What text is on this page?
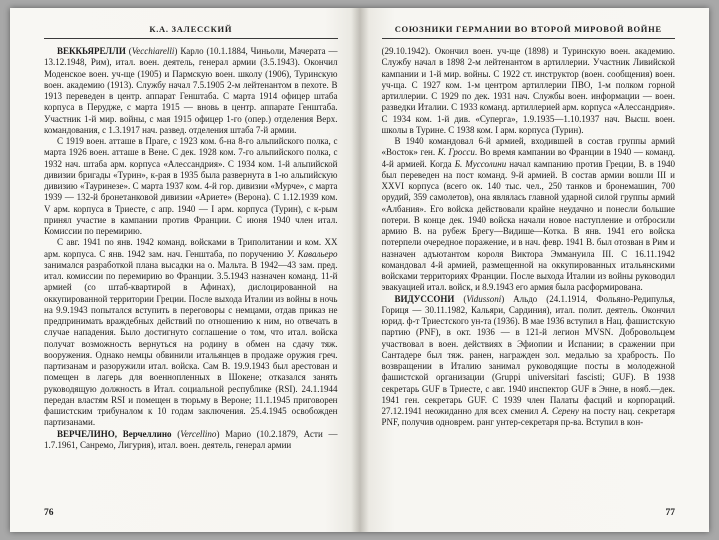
К.А. ЗАЛЕССКИЙ

ВЕККЬЯРЕЛЛИ (Vecchiarelli) Карло (10.1.1884, Чиньоли, Мачерата — 13.12.1948, Рим), итал. воен. деятель, генерал армии (3.5.1943). Окончил Моденское воен. уч-ще (1905) и Пармскую воен. школу (1906), Туринскую воен. академию (1913). Службу начал 7.5.1905 2-м лейтенантом в пехоте. В 1913 переведен в центр. аппарат Генштаба. С марта 1914 офицер штаба корпуса в Перудже, с марта 1915 — вновь в центр. аппарате Генштаба. Участник 1-й мир. войны, с мая 1915 офицер 1-го (опер.) отделения Верх. командования, с 1.3.1917 нач. развед. отделения штаба 7-й армии.

С 1919 воен. атташе в Праге, с 1923 ком. б-на 8-го альпийского полка, с марта 1926 воен. атташе в Вене. С дек. 1928 ком. 7-го альпийского полка, с 1932 нач. штаба арм. корпуса «Алессандрия». С 1934 ком. 1-й альпийской дивизии бригады «Турин», к-рая в 1935 была развернута в 1-ю альпийскую дивизию «Тауринезе». С марта 1937 ком. 4-й гор. дивизии «Мурче», с марта 1939 — 132-й бронетанковой дивизии «Ариете» (Верона). С 1.12.1939 ком. V арм. корпуса в Триесте, с апр. 1940 — I арм. корпуса (Турин), с к-рым принял участие в кампании против Франции. С июня 1940 член итал. Комиссии по перемирию.

С авг. 1941 по янв. 1942 команд. войсками в Триполитании и ком. XX арм. корпуса. С янв. 1942 зам. нач. Генштаба, по поручению У. Кавальеро занимался разработкой плана высадки на о. Мальта. В 1942—43 зам. пред. итал. комиссии по перемирию во Франции. 3.5.1943 назначен команд. 11-й армией (со штаб-квартирой в Афинах), дислоцированной на оккупированной территории Греции. После выхода Италии из войны в ночь на 9.9.1943 попытался вступить в переговоры с немцами, отдав приказ не предпринимать враждебных действий по отношению к ним, но отвечать в случае нападения. Было достигнуто соглашение о том, что итал. войска получат возможность вернуться на родину в обмен на сдачу тяж. вооружения. Однако немцы обвинили итальянцев в продаже оружия греч. партизанам и разоружили итал. войска. Сам В. 19.9.1943 был арестован и помещен в лагерь для военнопленных в Шокене; отказался занять руководящую должность в Итал. социальной республике (RSI). 24.1.1944 передан властям RSI и помещен в тюрьму в Вероне; 11.1.1945 приговорен фашистским трибуналом к 10 годам заключения. 25.4.1945 освобожден партизанами.

ВЕРЧЕЛИНО, Верчеллино (Vercellino) Марио (10.2.1879, Асти — 1.7.1961, Санремо, Лигурия), итал. воен. деятель, генерал армии

76
СОЮЗНИКИ ГЕРМАНИИ ВО ВТОРОЙ МИРОВОЙ ВОЙНЕ

(29.10.1942). Окончил воен. уч-ще (1898) и Туринскую воен. академию. Службу начал в 1898 2-м лейтенантом в артиллерии. Участник Ливийской кампании и 1-й мир. войны. С 1922 ст. инструктор (воен. сообщения) воен. уч-ща. С 1927 ком. 1-м центром артиллерии ПВО, 1-м полком горной артиллерии. С 1929 по дек. 1931 нач. Службы воен. информации — воен. разведки Италии. С 1933 команд. артиллерией арм. корпуса «Алессандрия». С 1934 ком. 1-й див. «Суперга», 1.9.1935—1.10.1937 нач. Высш. воен. школы в Турине. С 1938 ком. I арм. корпуса (Турин).

В 1940 командовал 6-й армией, входившей в состав группы армий «Восток» ген. К. Гросси. Во время кампании во Франции в 1940 — команд. 4-й армией. Когда Б. Муссолини начал кампанию против Греции, В. в 1940 был переведен на пост команд. 9-й армией. В состав армии вошли III и XXVI корпуса (всего ок. 140 тыс. чел., 250 танков и бронемашин, 700 орудий, 359 самолетов), она являлась главной ударной силой группы армий «Албания». Его войска действовали крайне неудачно и понесли большие потери. В конце дек. 1940 войска начали новое наступление и отбросили армию В. на рубеж Брегу—Видише—Котка. В янв. 1941 его войска потерпели очередное поражение, и в нач. февр. 1941 В. был отозван в Рим и назначен адъютантом короля Виктора Эммануила III. С 16.11.1942 командовал 4-й армией, размещенной на оккупированных итальянскими войсками территориях Франции. После выхода Италии из войны руководил эвакуацией итал. войск, и 8.9.1943 его армия была расформирована.

ВИДУССОНИ (Vidussoni) Альдо (24.1.1914, Фольяно-Редипулья, Гориця — 30.11.1982, Кальяри, Сардиния), итал. полит. деятель. Окончил юрид. ф-т Триестского ун-та (1936). В мае 1936 вступил в Нац. фашистскую партию (PNF), в окт. 1936 — в 121-й легион MVSN. Добровольцем участвовал в воен. действиях в Эфиопии и Испании; в сражении при Сантадере был тяж. ранен, награжден зол. медалью за храбрость. По возвращении в Италию занимал руководящие посты в молодежной фашистской организации (Gruppi universitari fascisti; GUF). В 1938 секретарь GUF в Триесте, с авг. 1940 инспектор GUF в Энне, в нояб.—дек. 1941 ген. секретарь GUF. С 1939 член Палаты фасций и корпораций. 27.12.1941 неожиданно для всех сменил А. Серену на посту нац. секретаря PNF, получив одноврем. ранг унтер-секретаря пр-ва. Вступил в кон-

77
